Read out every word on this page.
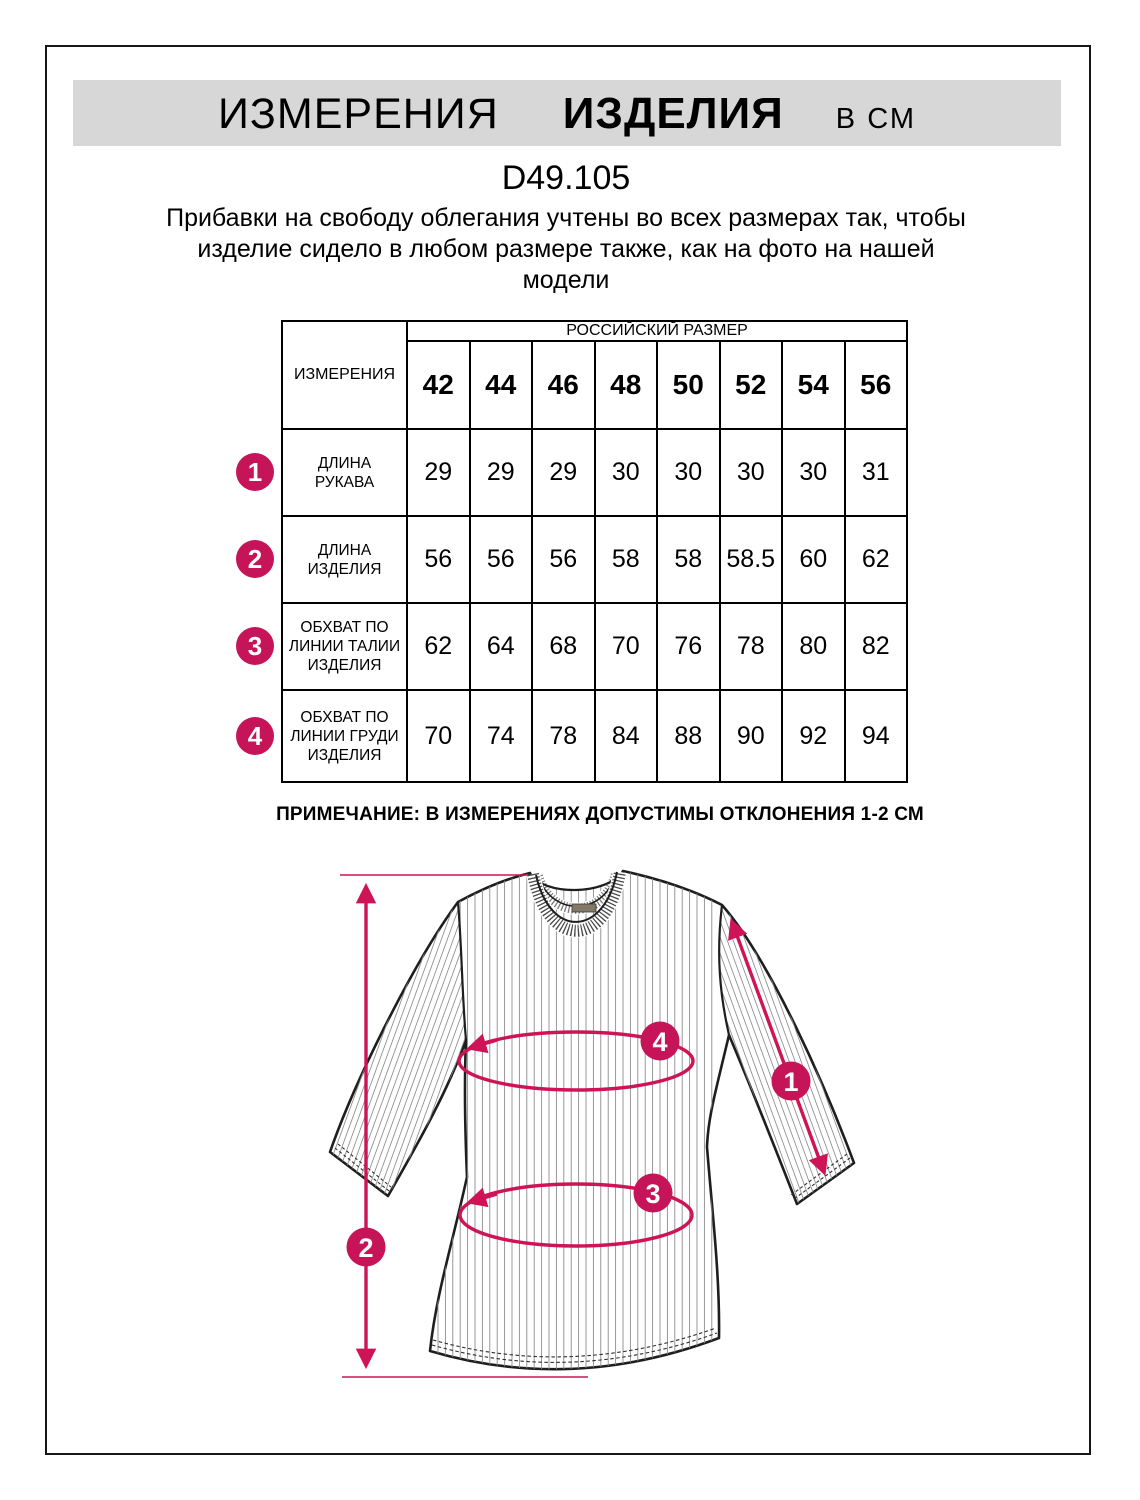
ИЗМЕРЕНИЯ ИЗДЕЛИЯ В СМ
D49.105
Прибавки на свободу облегания учтены во всех размерах так, чтобы
изделие сидело в любом размере также, как на фото на нашей
модели
ИЗМЕРЕНИЯ	РОССИЙСКИЙ РАЗМЕР							
	42	44	46	48	50	52	54	56
ДЛИНА РУКАВА	29	29	29	30	30	30	30	31
ДЛИНА ИЗДЕЛИЯ	56	56	56	58	58	58.5	60	62
ОБХВАТ ПО ЛИНИИ ТАЛИИ ИЗДЕЛИЯ	62	64	68	70	76	78	80	82
ОБХВАТ ПО ЛИНИИ ГРУДИ ИЗДЕЛИЯ	70	74	78	84	88	90	92	94
1
2
3
4
ПРИМЕЧАНИЕ: В ИЗМЕРЕНИЯХ ДОПУСТИМЫ ОТКЛОНЕНИЯ 1-2 СМ
1
2
3
4
